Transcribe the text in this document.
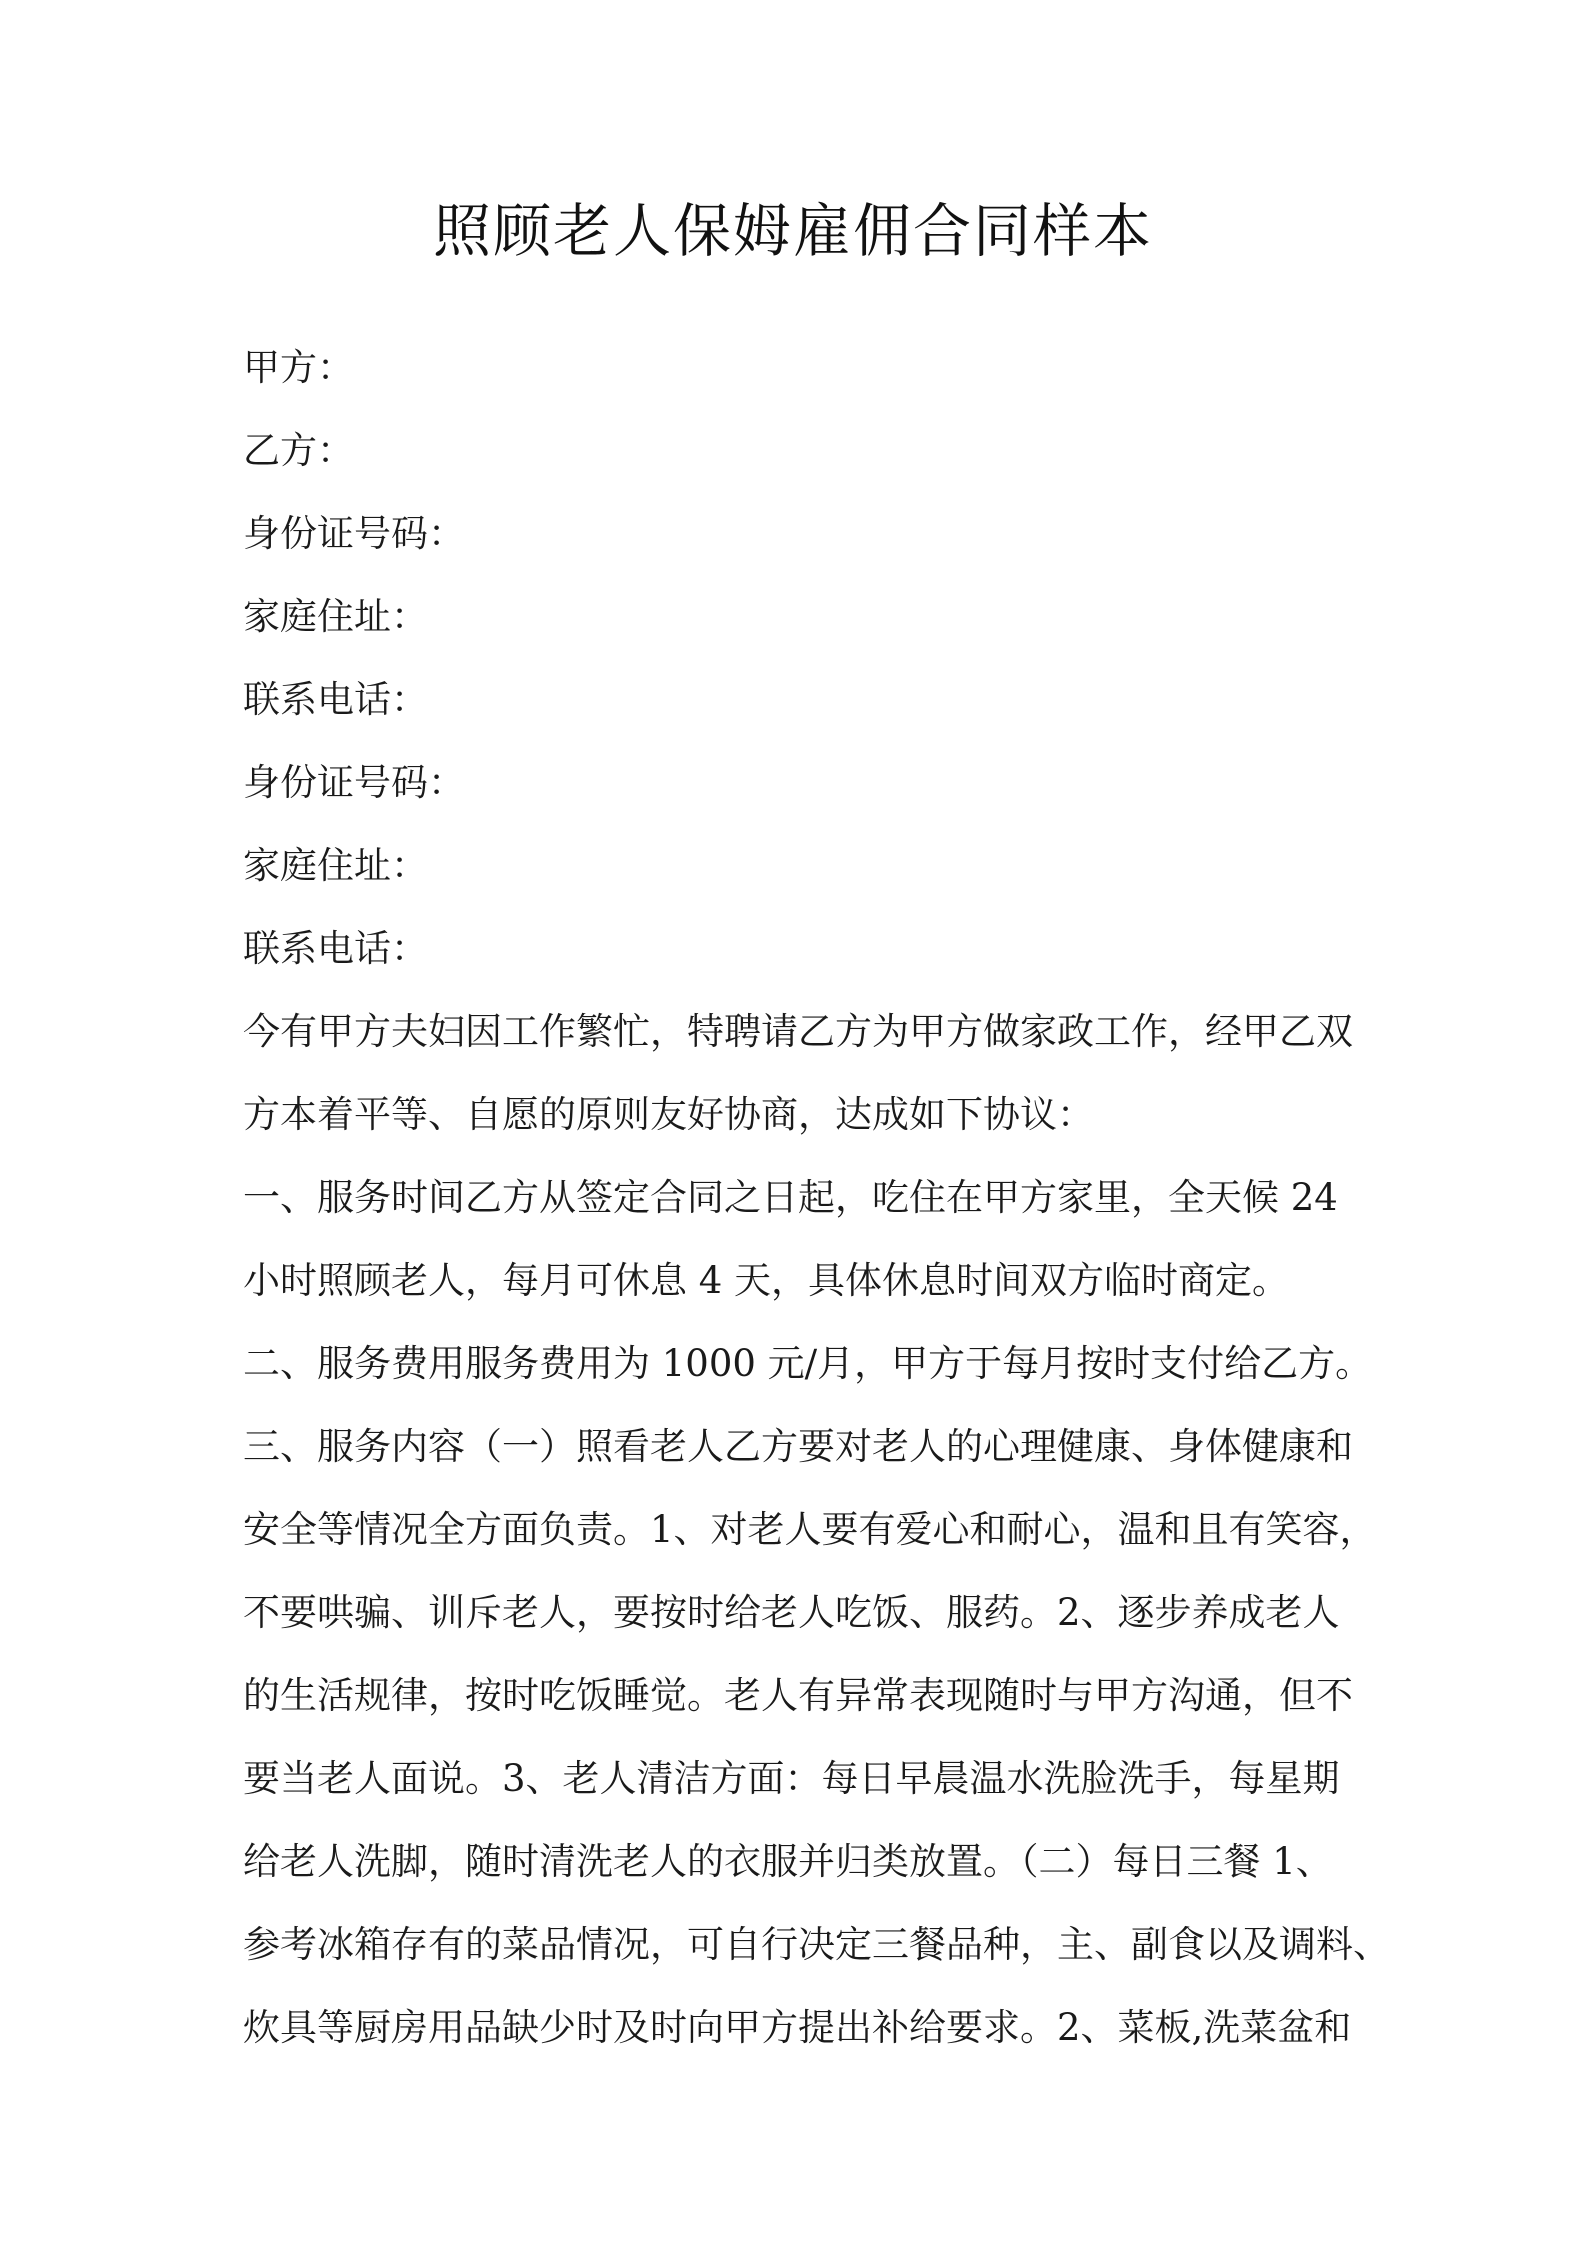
照顾老人保姆雇佣合同样本
甲方：
乙方：
身份证号码：
家庭住址：
联系电话：
身份证号码：
家庭住址：
联系电话：
今有甲方夫妇因工作繁忙，特聘请乙方为甲方做家政工作，经甲乙双
方本着平等、自愿的原则友好协商，达成如下协议：
一、服务时间乙方从签定合同之日起，吃住在甲方家里，全天候 24
小时照顾老人，每月可休息 4 天，具体休息时间双方临时商定。
二、服务费用服务费用为 1000 元/月，甲方于每月按时支付给乙方。
三、服务内容（一）照看老人乙方要对老人的心理健康、身体健康和
安全等情况全方面负责。1、对老人要有爱心和耐心，温和且有笑容，
不要哄骗、训斥老人，要按时给老人吃饭、服药。2、逐步养成老人
的生活规律，按时吃饭睡觉。老人有异常表现随时与甲方沟通，但不
要当老人面说。3、老人清洁方面：每日早晨温水洗脸洗手，每星期
给老人洗脚，随时清洗老人的衣服并归类放置。（二）每日三餐 1、
参考冰箱存有的菜品情况，可自行决定三餐品种，主、副食以及调料、
炊具等厨房用品缺少时及时向甲方提出补给要求。2、菜板,洗菜盆和
